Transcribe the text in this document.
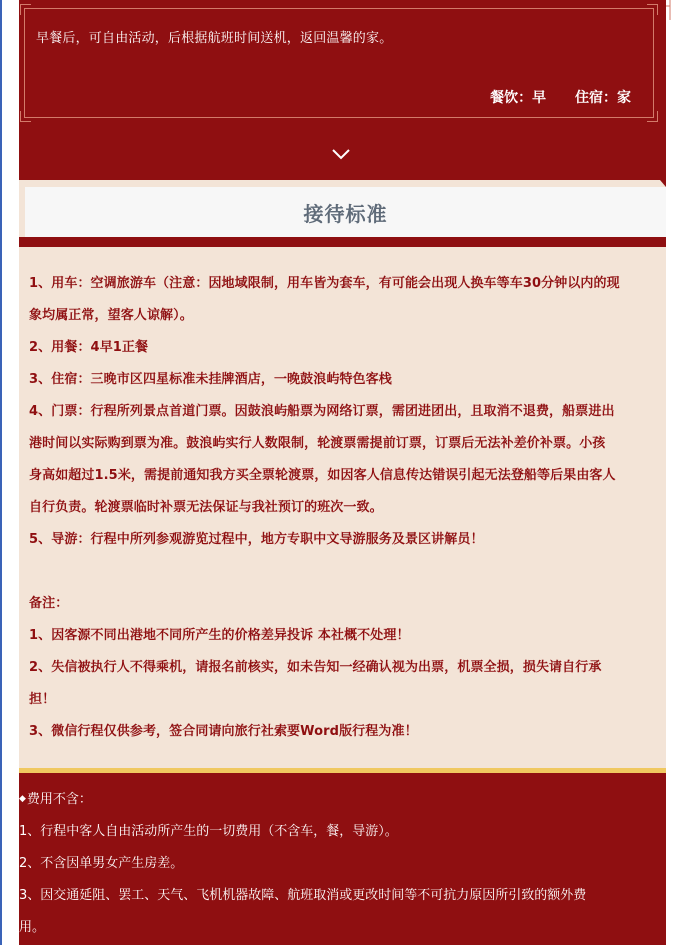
早餐后，可自由活动，后根据航班时间送机，返回温馨的家。
餐饮：早 住宿：家
接待标准

1、用车：空调旅游车（注意：因地域限制，用车皆为套车，有可能会出现人换车等车30分钟以内的现

象均属正常，望客人谅解）。

2、用餐：4早1正餐

3、住宿：三晚市区四星标准未挂牌酒店，一晚鼓浪屿特色客栈

4、门票：行程所列景点首道门票。因鼓浪屿船票为网络订票，需团进团出，且取消不退费，船票进出

港时间以实际购到票为准。鼓浪屿实行人数限制，轮渡票需提前订票，订票后无法补差价补票。小孩

身高如超过1.5米，需提前通知我方买全票轮渡票，如因客人信息传达错误引起无法登船等后果由客人

自行负责。轮渡票临时补票无法保证与我社预订的班次一致。

5、导游：行程中所列参观游览过程中，地方专职中文导游服务及景区讲解员！

备注：

1、因客源不同出港地不同所产生的价格差异投诉 本社概不处理！

2、失信被执行人不得乘机，请报名前核实，如未告知一经确认视为出票，机票全损，损失请自行承

担！

3、微信行程仅供参考，签合同请向旅行社索要Word版行程为准！

◆费用不含：

1、行程中客人自由活动所产生的一切费用（不含车，餐，导游）。

2、不含因单男女产生房差。

3、因交通延阻、罢工、天气、飞机机器故障、航班取消或更改时间等不可抗力原因所引致的额外费

用。
